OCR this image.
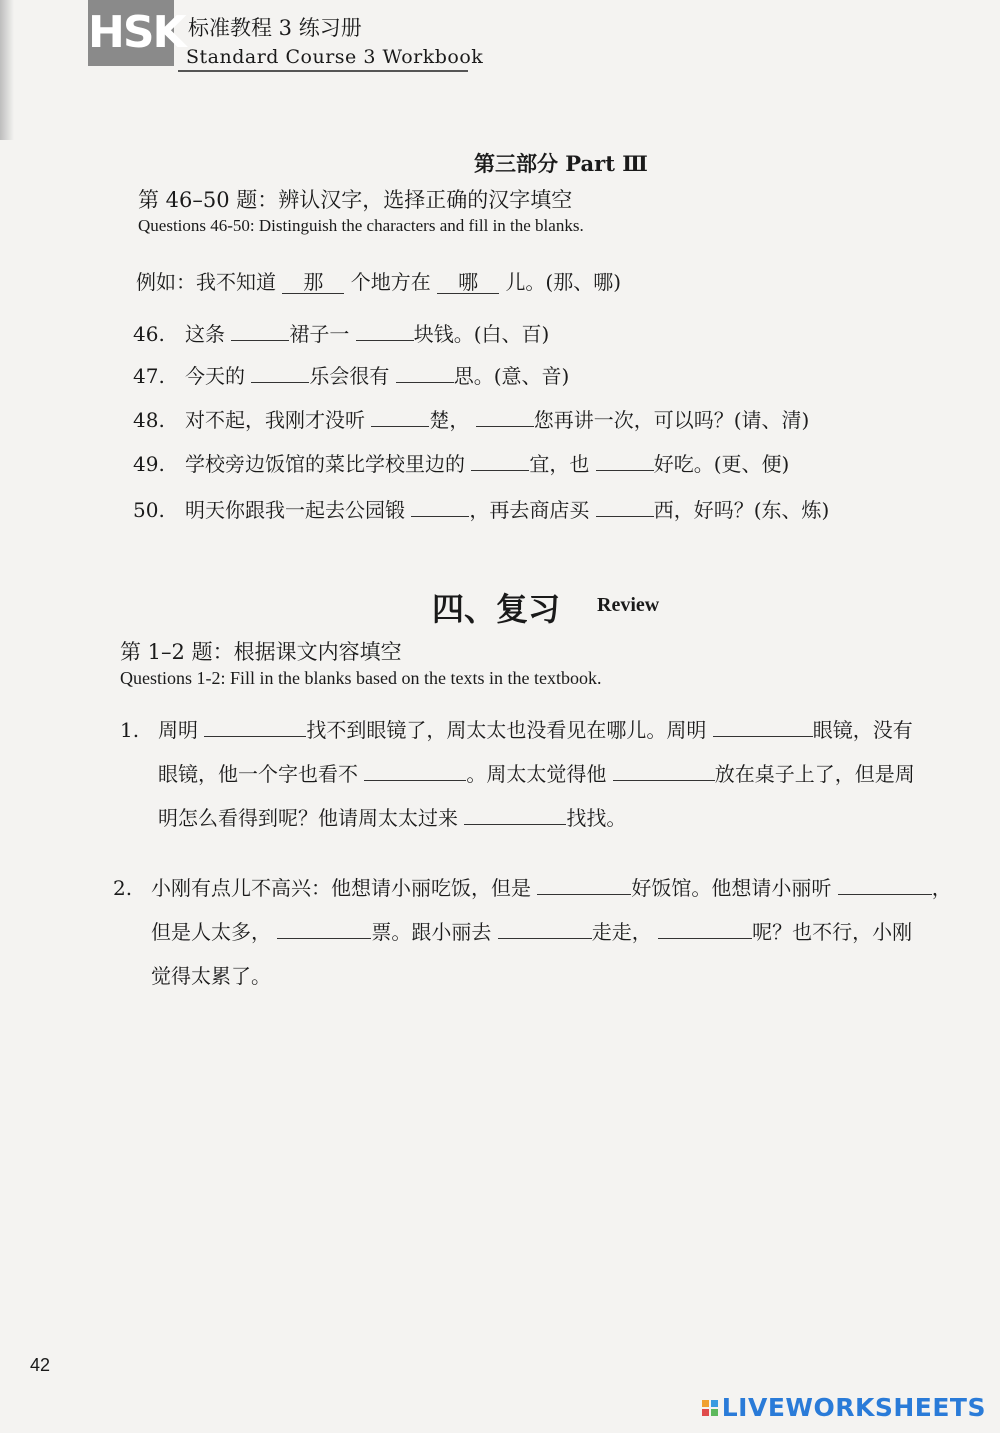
HSK 标准教程 3 练习册
Standard Course 3 Workbook
第三部分 Part Ⅲ
第 46–50 题：辨认汉字，选择正确的汉字填空
Questions 46-50: Distinguish the characters and fill in the blanks.
例如：我不知道 那 个地方在 哪 儿。(那、哪)
46. 这条	裙子一	块钱。(白、百)
47. 今天的	乐会很有	思。(意、音)
48. 对不起，我刚才没听	楚，	您再讲一次，可以吗？(请、清)
49. 学校旁边饭馆的菜比学校里边的	宜，也	好吃。(更、便)
50. 明天你跟我一起去公园锻	，再去商店买	西，好吗？(东、炼)
四、复习 Review
第 1–2 题：根据课文内容填空
Questions 1-2: Fill in the blanks based on the texts in the textbook.
1. 周明	找不到眼镜了，周太太也没看见在哪儿。周明	眼镜，没有
眼镜，他一个字也看不	。周太太觉得他	放在桌子上了，但是周
明怎么看得到呢？他请周太太过来	找找。
2. 小刚有点儿不高兴：他想请小丽吃饭，但是	好饭馆。他想请小丽听	，
但是人太多，	票。跟小丽去	走走，	呢？也不行，小刚
觉得太累了。
42
LIVEWORKSHEETS
